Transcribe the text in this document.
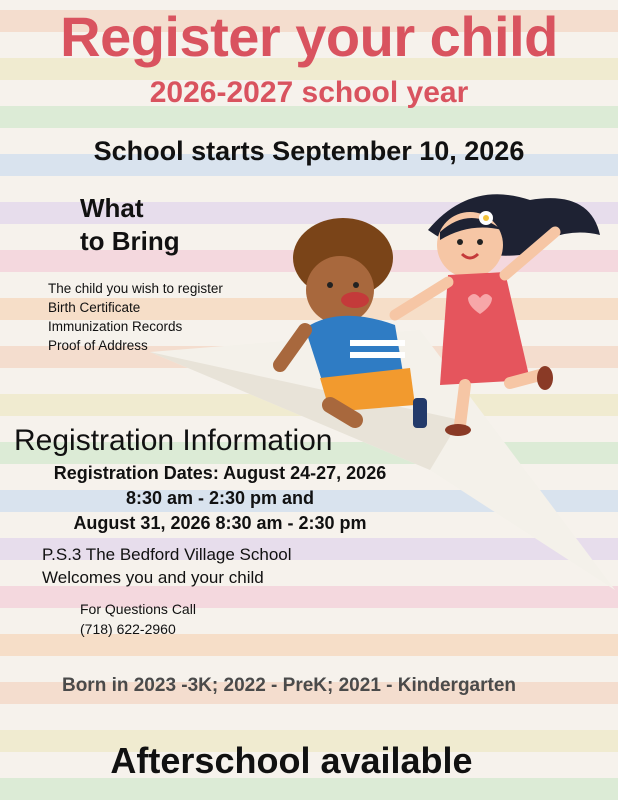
Register your child
2026-2027 school year
School starts September 10, 2026
What
to Bring
The child you wish to register
Birth Certificate
Immunization Records
Proof of Address
Registration Information
Registration Dates: August 24-27, 2026
8:30 am - 2:30 pm and
August 31, 2026 8:30 am - 2:30 pm
P.S.3 The Bedford Village School
Welcomes you and your child
For Questions Call
(718) 622-2960
Born in 2023 -3K; 2022 - PreK; 2021 - Kindergarten
Afterschool available
